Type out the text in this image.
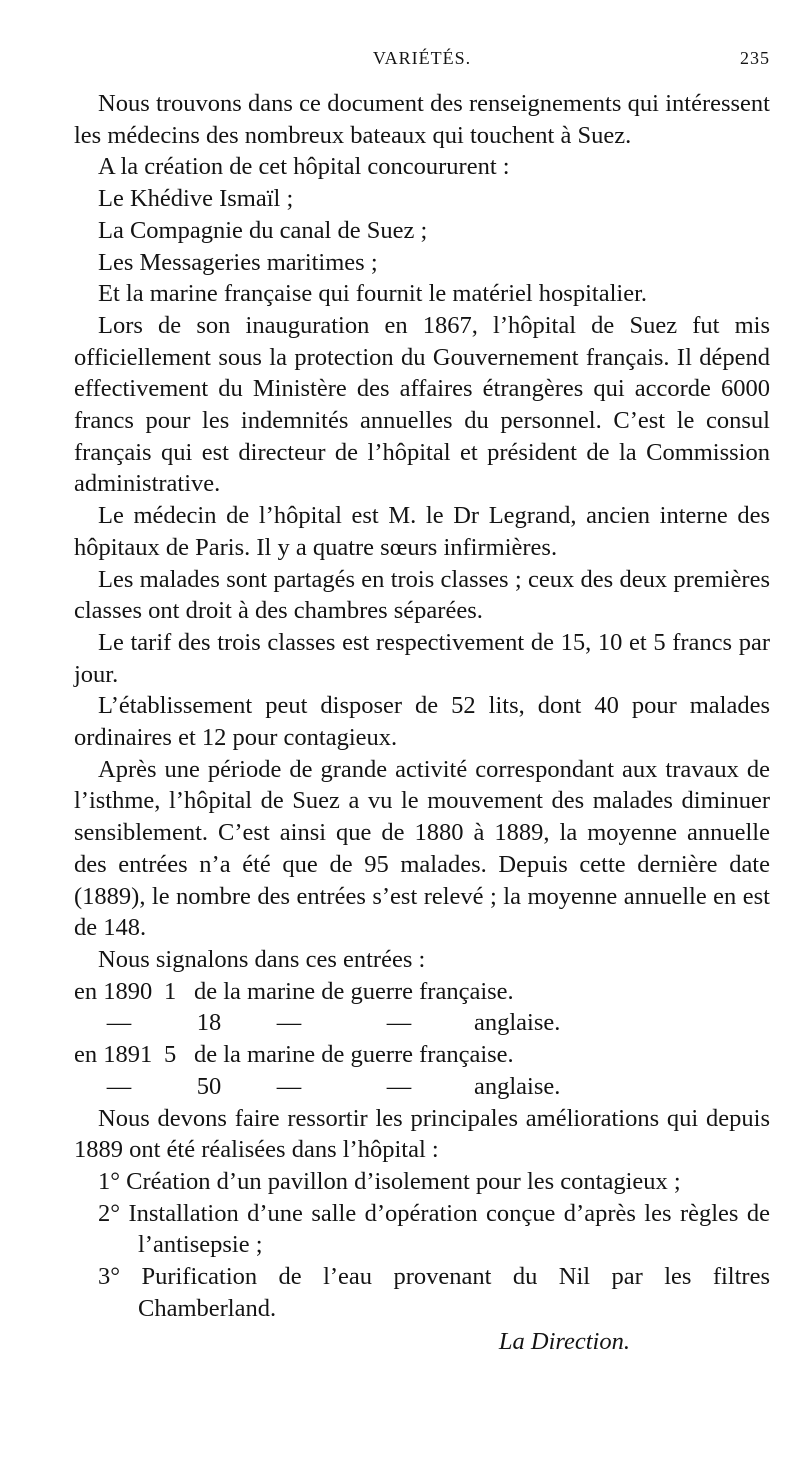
VARIÉTÉS.	235

Nous trouvons dans ce document des renseignements qui intéressent les médecins des nombreux bateaux qui touchent à Suez.

A la création de cet hôpital concoururent :

Le Khédive Ismaïl ;

La Compagnie du canal de Suez ;

Les Messageries maritimes ;

Et la marine française qui fournit le matériel hospitalier.

Lors de son inauguration en 1867, l’hôpital de Suez fut mis officiellement sous la protection du Gouvernement français. Il dépend effectivement du Ministère des affaires étrangères qui accorde 6000 francs pour les indemnités annuelles du personnel. C’est le consul français qui est directeur de l’hôpital et président de la Commission administrative.

Le médecin de l’hôpital est M. le Dr Legrand, ancien interne des hôpitaux de Paris. Il y a quatre sœurs infirmières.

Les malades sont partagés en trois classes ; ceux des deux premières classes ont droit à des chambres séparées.

Le tarif des trois classes est respectivement de 15, 10 et 5 francs par jour.

L’établissement peut disposer de 52 lits, dont 40 pour malades ordinaires et 12 pour contagieux.

Après une période de grande activité correspondant aux travaux de l’isthme, l’hôpital de Suez a vu le mouvement des malades diminuer sensiblement. C’est ainsi que de 1880 à 1889, la moyenne annuelle des entrées n’a été que de 95 malades. Depuis cette dernière date (1889), le nombre des entrées s’est relevé ; la moyenne annuelle en est de 148.

Nous signalons dans ces entrées :

en 1890 1 de la marine de guerre française.
—	18	—	—	anglaise.
en 1891 5 de la marine de guerre française.
—	50	—	—	anglaise.

Nous devons faire ressortir les principales améliorations qui depuis 1889 ont été réalisées dans l’hôpital :

1° Création d’un pavillon d’isolement pour les contagieux ;

2° Installation d’une salle d’opération conçue d’après les règles de l’antisepsie ;

3° Purification de l’eau provenant du Nil par les filtres Chamberland.

La Direction.
